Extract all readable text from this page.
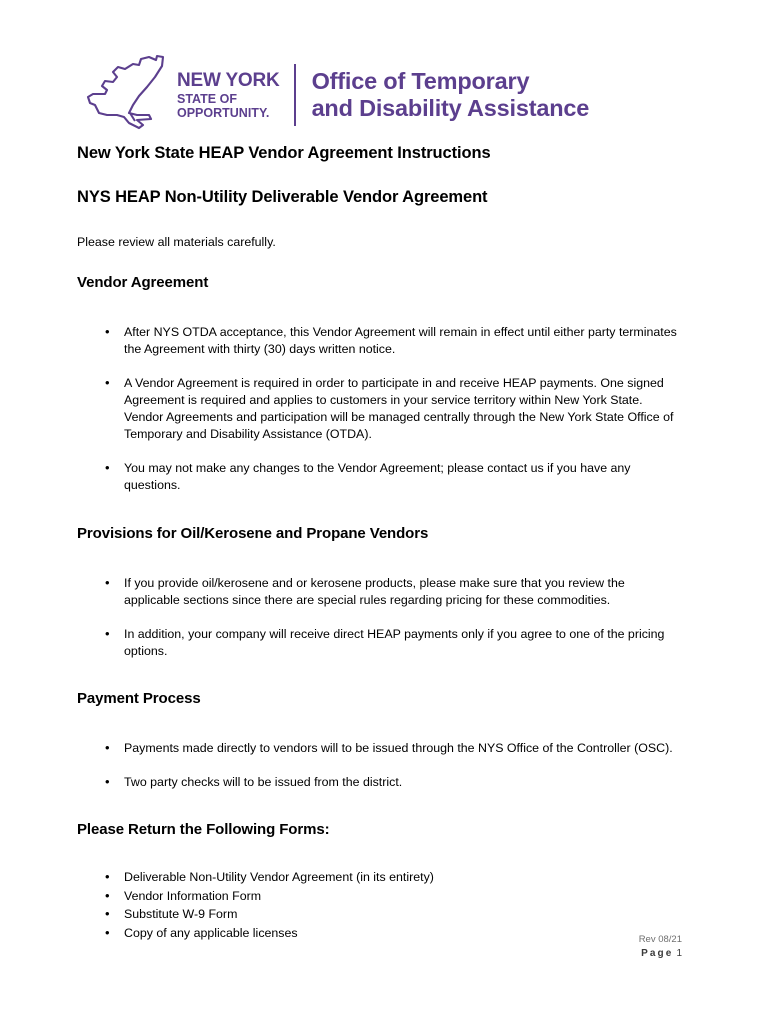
NEW YORK
STATE OF
OPPORTUNITY.
Office of Temporary
and Disability Assistance
New York State HEAP Vendor Agreement Instructions
NYS HEAP Non-Utility Deliverable Vendor Agreement

Please review all materials carefully.

Vendor Agreement
• After NYS OTDA acceptance, this Vendor Agreement will remain in effect until either party terminates the Agreement with thirty (30) days written notice.
• A Vendor Agreement is required in order to participate in and receive HEAP payments. One signed Agreement is required and applies to customers in your service territory within New York State. Vendor Agreements and participation will be managed centrally through the New York State Office of Temporary and Disability Assistance (OTDA).
• You may not make any changes to the Vendor Agreement; please contact us if you have any questions.
Provisions for Oil/Kerosene and Propane Vendors
• If you provide oil/kerosene and or kerosene products, please make sure that you review the applicable sections since there are special rules regarding pricing for these commodities.
• In addition, your company will receive direct HEAP payments only if you agree to one of the pricing options.
Payment Process
• Payments made directly to vendors will to be issued through the NYS Office of the Controller (OSC).
• Two party checks will to be issued from the district.
Please Return the Following Forms:
• Deliverable Non-Utility Vendor Agreement (in its entirety)
• Vendor Information Form
• Substitute W-9 Form
• Copy of any applicable licenses	Rev 08/21
Page 1
